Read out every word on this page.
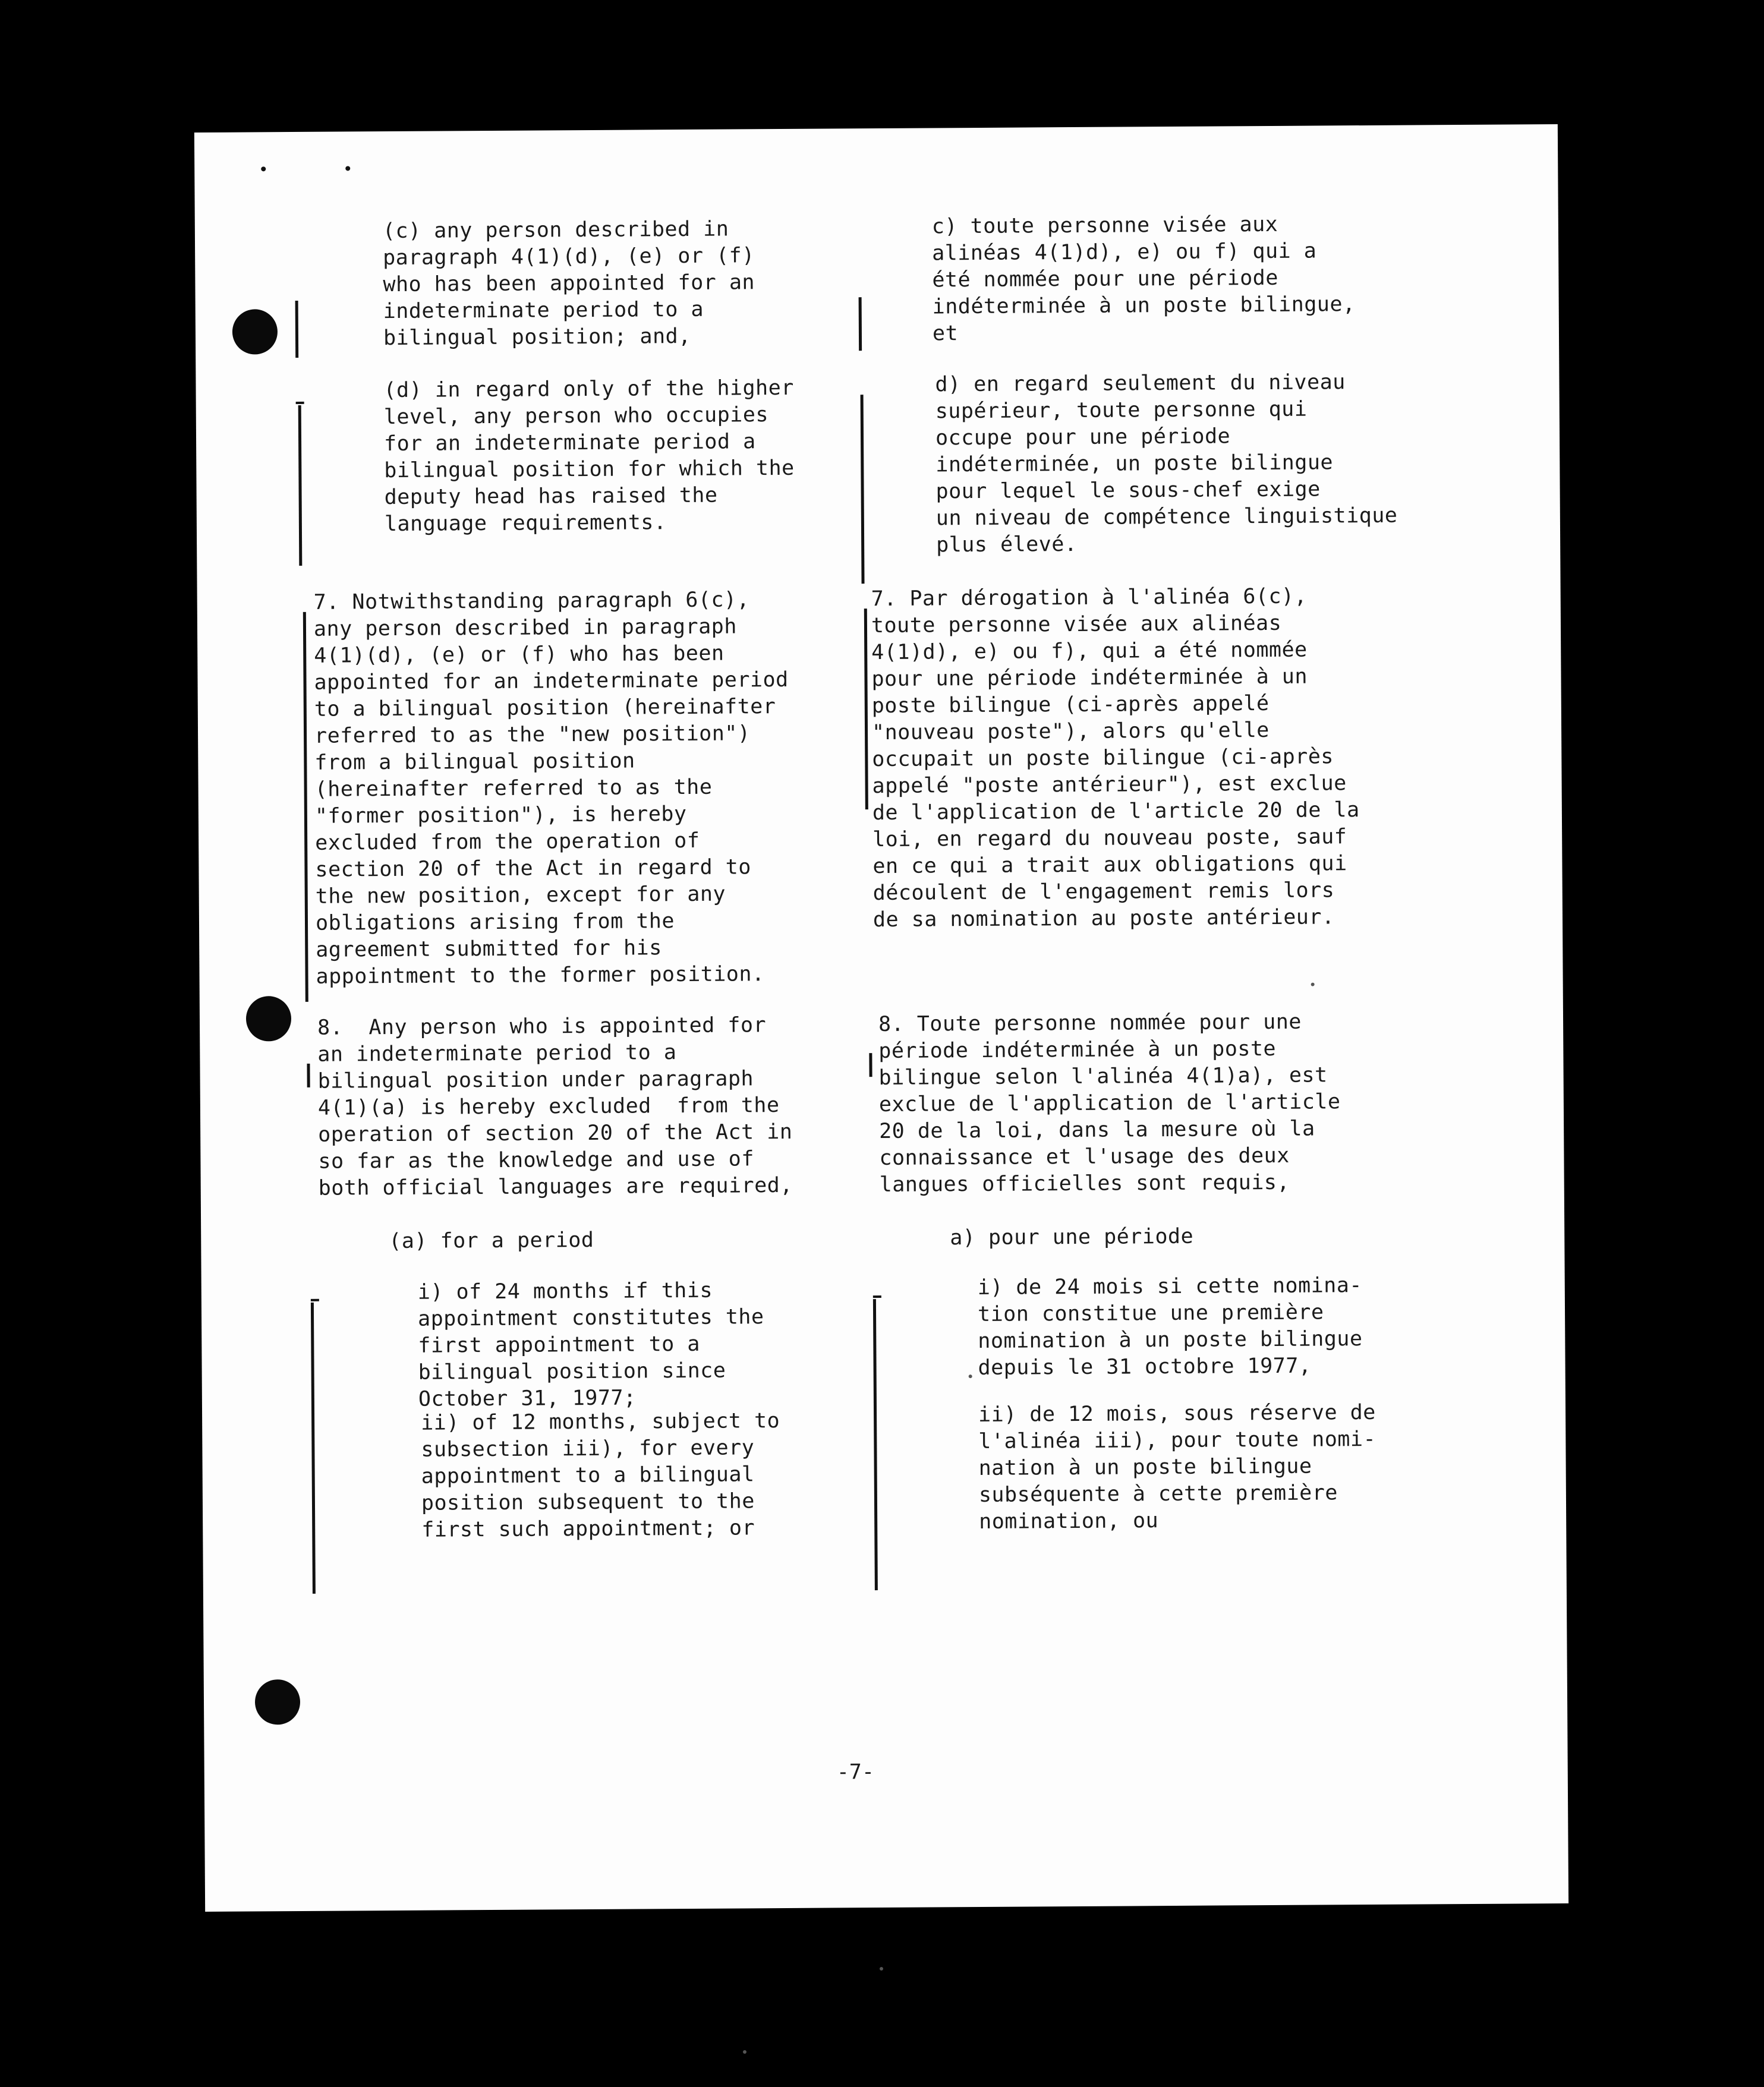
(c) any person described in
paragraph 4(1)(d), (e) or (f)
who has been appointed for an
indeterminate period to a
bilingual position; and,
(d) in regard only of the higher
level, any person who occupies
for an indeterminate period a
bilingual position for which the
deputy head has raised the
language requirements.
7. Notwithstanding paragraph 6(c),
any person described in paragraph
4(1)(d), (e) or (f) who has been
appointed for an indeterminate period
to a bilingual position (hereinafter
referred to as the "new position")
from a bilingual position
(hereinafter referred to as the
"former position"), is hereby
excluded from the operation of
section 20 of the Act in regard to
the new position, except for any
obligations arising from the
agreement submitted for his
appointment to the former position.
8.  Any person who is appointed for
an indeterminate period to a
bilingual position under paragraph
4(1)(a) is hereby excluded  from the
operation of section 20 of the Act in
so far as the knowledge and use of
both official languages are required,
(a) for a period
i) of 24 months if this
appointment constitutes the
first appointment to a
bilingual position since
October 31, 1977;
ii) of 12 months, subject to
subsection iii), for every
appointment to a bilingual
position subsequent to the
first such appointment; or
c) toute personne visée aux
alinéas 4(1)d), e) ou f) qui a
été nommée pour une période
indéterminée à un poste bilingue,
et
d) en regard seulement du niveau
supérieur, toute personne qui
occupe pour une période
indéterminée, un poste bilingue
pour lequel le sous-chef exige
un niveau de compétence linguistique
plus élevé.
7. Par dérogation à l'alinéa 6(c),
toute personne visée aux alinéas
4(1)d), e) ou f), qui a été nommée
pour une période indéterminée à un
poste bilingue (ci-après appelé
"nouveau poste"), alors qu'elle
occupait un poste bilingue (ci-après
appelé "poste antérieur"), est exclue
de l'application de l'article 20 de la
loi, en regard du nouveau poste, sauf
en ce qui a trait aux obligations qui
découlent de l'engagement remis lors
de sa nomination au poste antérieur.
8. Toute personne nommée pour une
période indéterminée à un poste
bilingue selon l'alinéa 4(1)a), est
exclue de l'application de l'article
20 de la loi, dans la mesure où la
connaissance et l'usage des deux
langues officielles sont requis,
a) pour une période
i) de 24 mois si cette nomina-
tion constitue une première
nomination à un poste bilingue
depuis le 31 octobre 1977,
ii) de 12 mois, sous réserve de
l'alinéa iii), pour toute nomi-
nation à un poste bilingue
subséquente à cette première
nomination, ou
-7-
